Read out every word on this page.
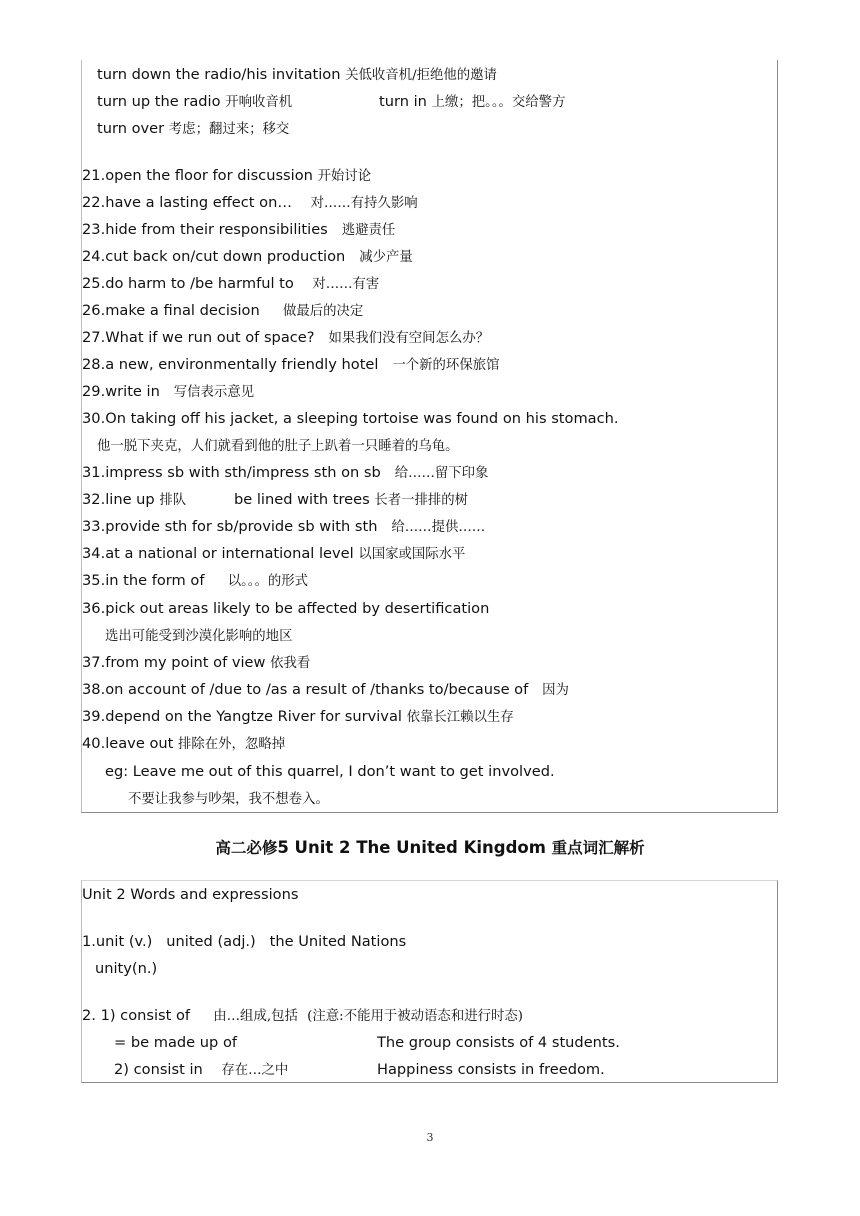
turn down the radio/his invitation 关低收音机/拒绝他的邀请
turn up the radio 开响收音机	turn in 上缴；把。。。交给警方
turn over 考虑；翻过来；移交
21.open the floor for discussion 开始讨论
22.have a lasting effect on… 对……有持久影响
23.hide from their responsibilities 逃避责任
24.cut back on/cut down production 减少产量
25.do harm to /be harmful to 对……有害
26.make a final decision 做最后的决定
27.What if we run out of space? 如果我们没有空间怎么办？
28.a new, environmentally friendly hotel 一个新的环保旅馆
29.write in 写信表示意见
30.On taking off his jacket, a sleeping tortoise was found on his stomach.
他一脱下夹克，人们就看到他的肚子上趴着一只睡着的乌龟。
31.impress sb with sth/impress sth on sb 给……留下印象
32.line up 排队	be lined with trees 长者一排排的树
33.provide sth for sb/provide sb with sth 给……提供……
34.at a national or international level 以国家或国际水平
35.in the form of 以。。。的形式
36.pick out areas likely to be affected by desertification
选出可能受到沙漠化影响的地区
37.from my point of view 依我看
38.on account of /due to /as a result of /thanks to/because of 因为
39.depend on the Yangtze River for survival 依靠长江赖以生存
40.leave out 排除在外，忽略掉
eg: Leave me out of this quarrel, I don’t want to get involved.
不要让我参与吵架，我不想卷入。
高二必修5 Unit 2 The United Kingdom 重点词汇解析
Unit 2 Words and expressions
1.unit (v.)   united (adj.)   the United Nations
unity(n.)
2. 1) consist of 由…组成,包括 (注意:不能用于被动语态和进行时态)
= be made up of	The group consists of 4 students.
2) consist in 存在…之中	Happiness consists in freedom.
3
